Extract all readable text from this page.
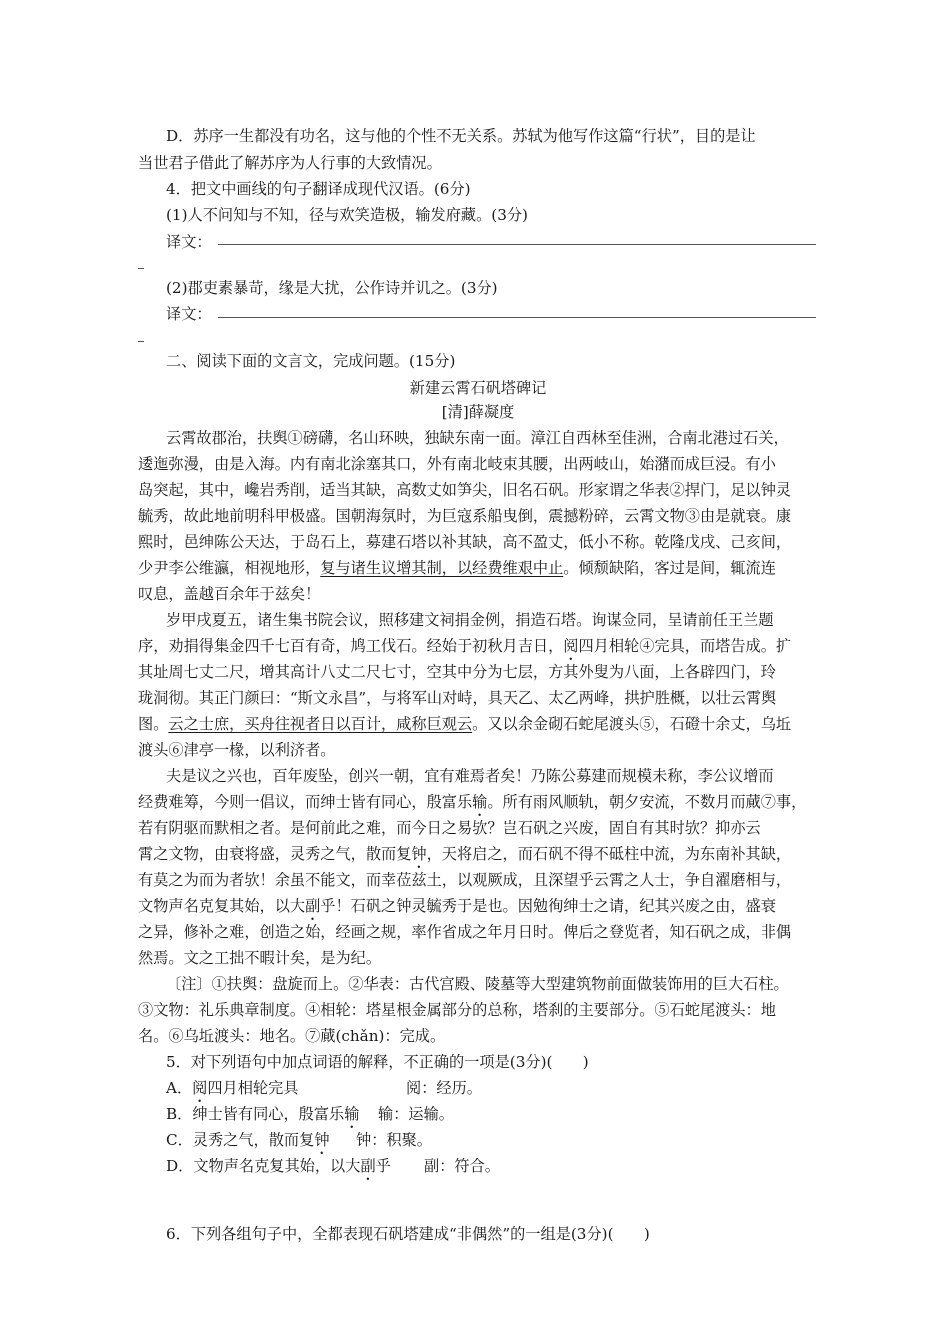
D．苏序一生都没有功名，这与他的个性不无关系。苏轼为他写作这篇“行状”，目的是让
当世君子借此了解苏序为人行事的大致情况。
4．把文中画线的句子翻译成现代汉语。(6分)
(1)人不问知与不知，径与欢笑造极，输发府藏。(3分)
译文：
(2)郡吏素暴苛，缘是大扰，公作诗并讥之。(3分)
译文：
二、阅读下面的文言文，完成问题。(15分)
新建云霄石矾塔碑记
[清]薛凝度
云霄故郡治，扶舆①磅礴，名山环映，独缺东南一面。漳江自西林至佳洲，合南北港过石关，
逶迤弥漫，由是入海。内有南北涂塞其口，外有南北岐束其腰，出两岐山，始潴而成巨浸。有小
岛突起，其中，巉岩秀削，适当其缺，高数丈如笋尖，旧名石矾。形家谓之华表②捍门，足以钟灵
毓秀，故此地前明科甲极盛。国朝海氛时，为巨寇系船曳倒，震撼粉碎，云霄文物③由是就衰。康
熙时，邑绅陈公天达，于岛石上，募建石塔以补其缺，高不盈丈，低小不称。乾隆戊戌、己亥间，
少尹李公维瀛，相视地形，复与诸生议增其制，以经费维艰中止。倾颓缺陷，客过是间，辄流连
叹息，盖越百余年于兹矣！
岁甲戌夏五，诸生集书院会议，照移建文祠捐金例，捐造石塔。询谋佥同，呈请前任王兰题
序，劝捐得集金四千七百有奇，鸠工伐石。经始于初秋月吉日，阅四月相轮④完具，而塔告成。扩
其址周七丈二尺，增其高计八丈二尺七寸，空其中分为七层，方其外叟为八面，上各辟四门，玲
珑洞彻。其正门颜曰：“斯文永昌”，与将军山对峙，具天乙、太乙两峰，拱护胜概，以壮云霄舆
图。云之士庶，买舟往视者日以百计，咸称巨观云。又以余金砌石蛇尾渡头⑤，石磴十余丈，乌坵
渡头⑥津亭一椽，以利济者。
夫是议之兴也，百年废坠，创兴一朝，宜有难焉者矣！乃陈公募建而规模未称，李公议增而
经费难筹，今则一倡议，而绅士皆有同心，殷富乐输。所有雨风顺轨，朝夕安流，不数月而蕆⑦事，
若有阴驱而默相之者。是何前此之难，而今日之易欤？岂石矾之兴废，固自有其时欤？抑亦云
霄之文物，由衰将盛，灵秀之气，散而复钟，天将启之，而石矾不得不砥柱中流，为东南补其缺，
有莫之为而为者欤！余虽不能文，而幸莅兹土，以观厥成，且深望乎云霄之人士，争自濯磨相与，
文物声名克复其始，以大副乎！石矾之钟灵毓秀于是也。因勉徇绅士之请，纪其兴废之由，盛衰
之异，修补之难，创造之始，经画之规，率作省成之年月日时。俾后之登览者，知石矾之成，非偶
然焉。文之工拙不暇计矣，是为纪。
〔注〕①扶舆：盘旋而上。②华表：古代宫殿、陵墓等大型建筑物前面做装饰用的巨大石柱。
③文物：礼乐典章制度。④相轮：塔星根金属部分的总称，塔刹的主要部分。⑤石蛇尾渡头：地
名。⑥乌坵渡头：地名。⑦蕆(chǎn)：完成。
5．对下列语句中加点词语的解释，不正确的一项是(3分)(　　)
A．阅四月相轮完具	阅：经历。
B．绅士皆有同心，殷富乐输 输：运输。
C．灵秀之气，散而复钟 钟：积聚。
D．文物声名克复其始，以大副乎 副：符合。
6．下列各组句子中，全都表现石矾塔建成“非偶然”的一组是(3分)(　　)
